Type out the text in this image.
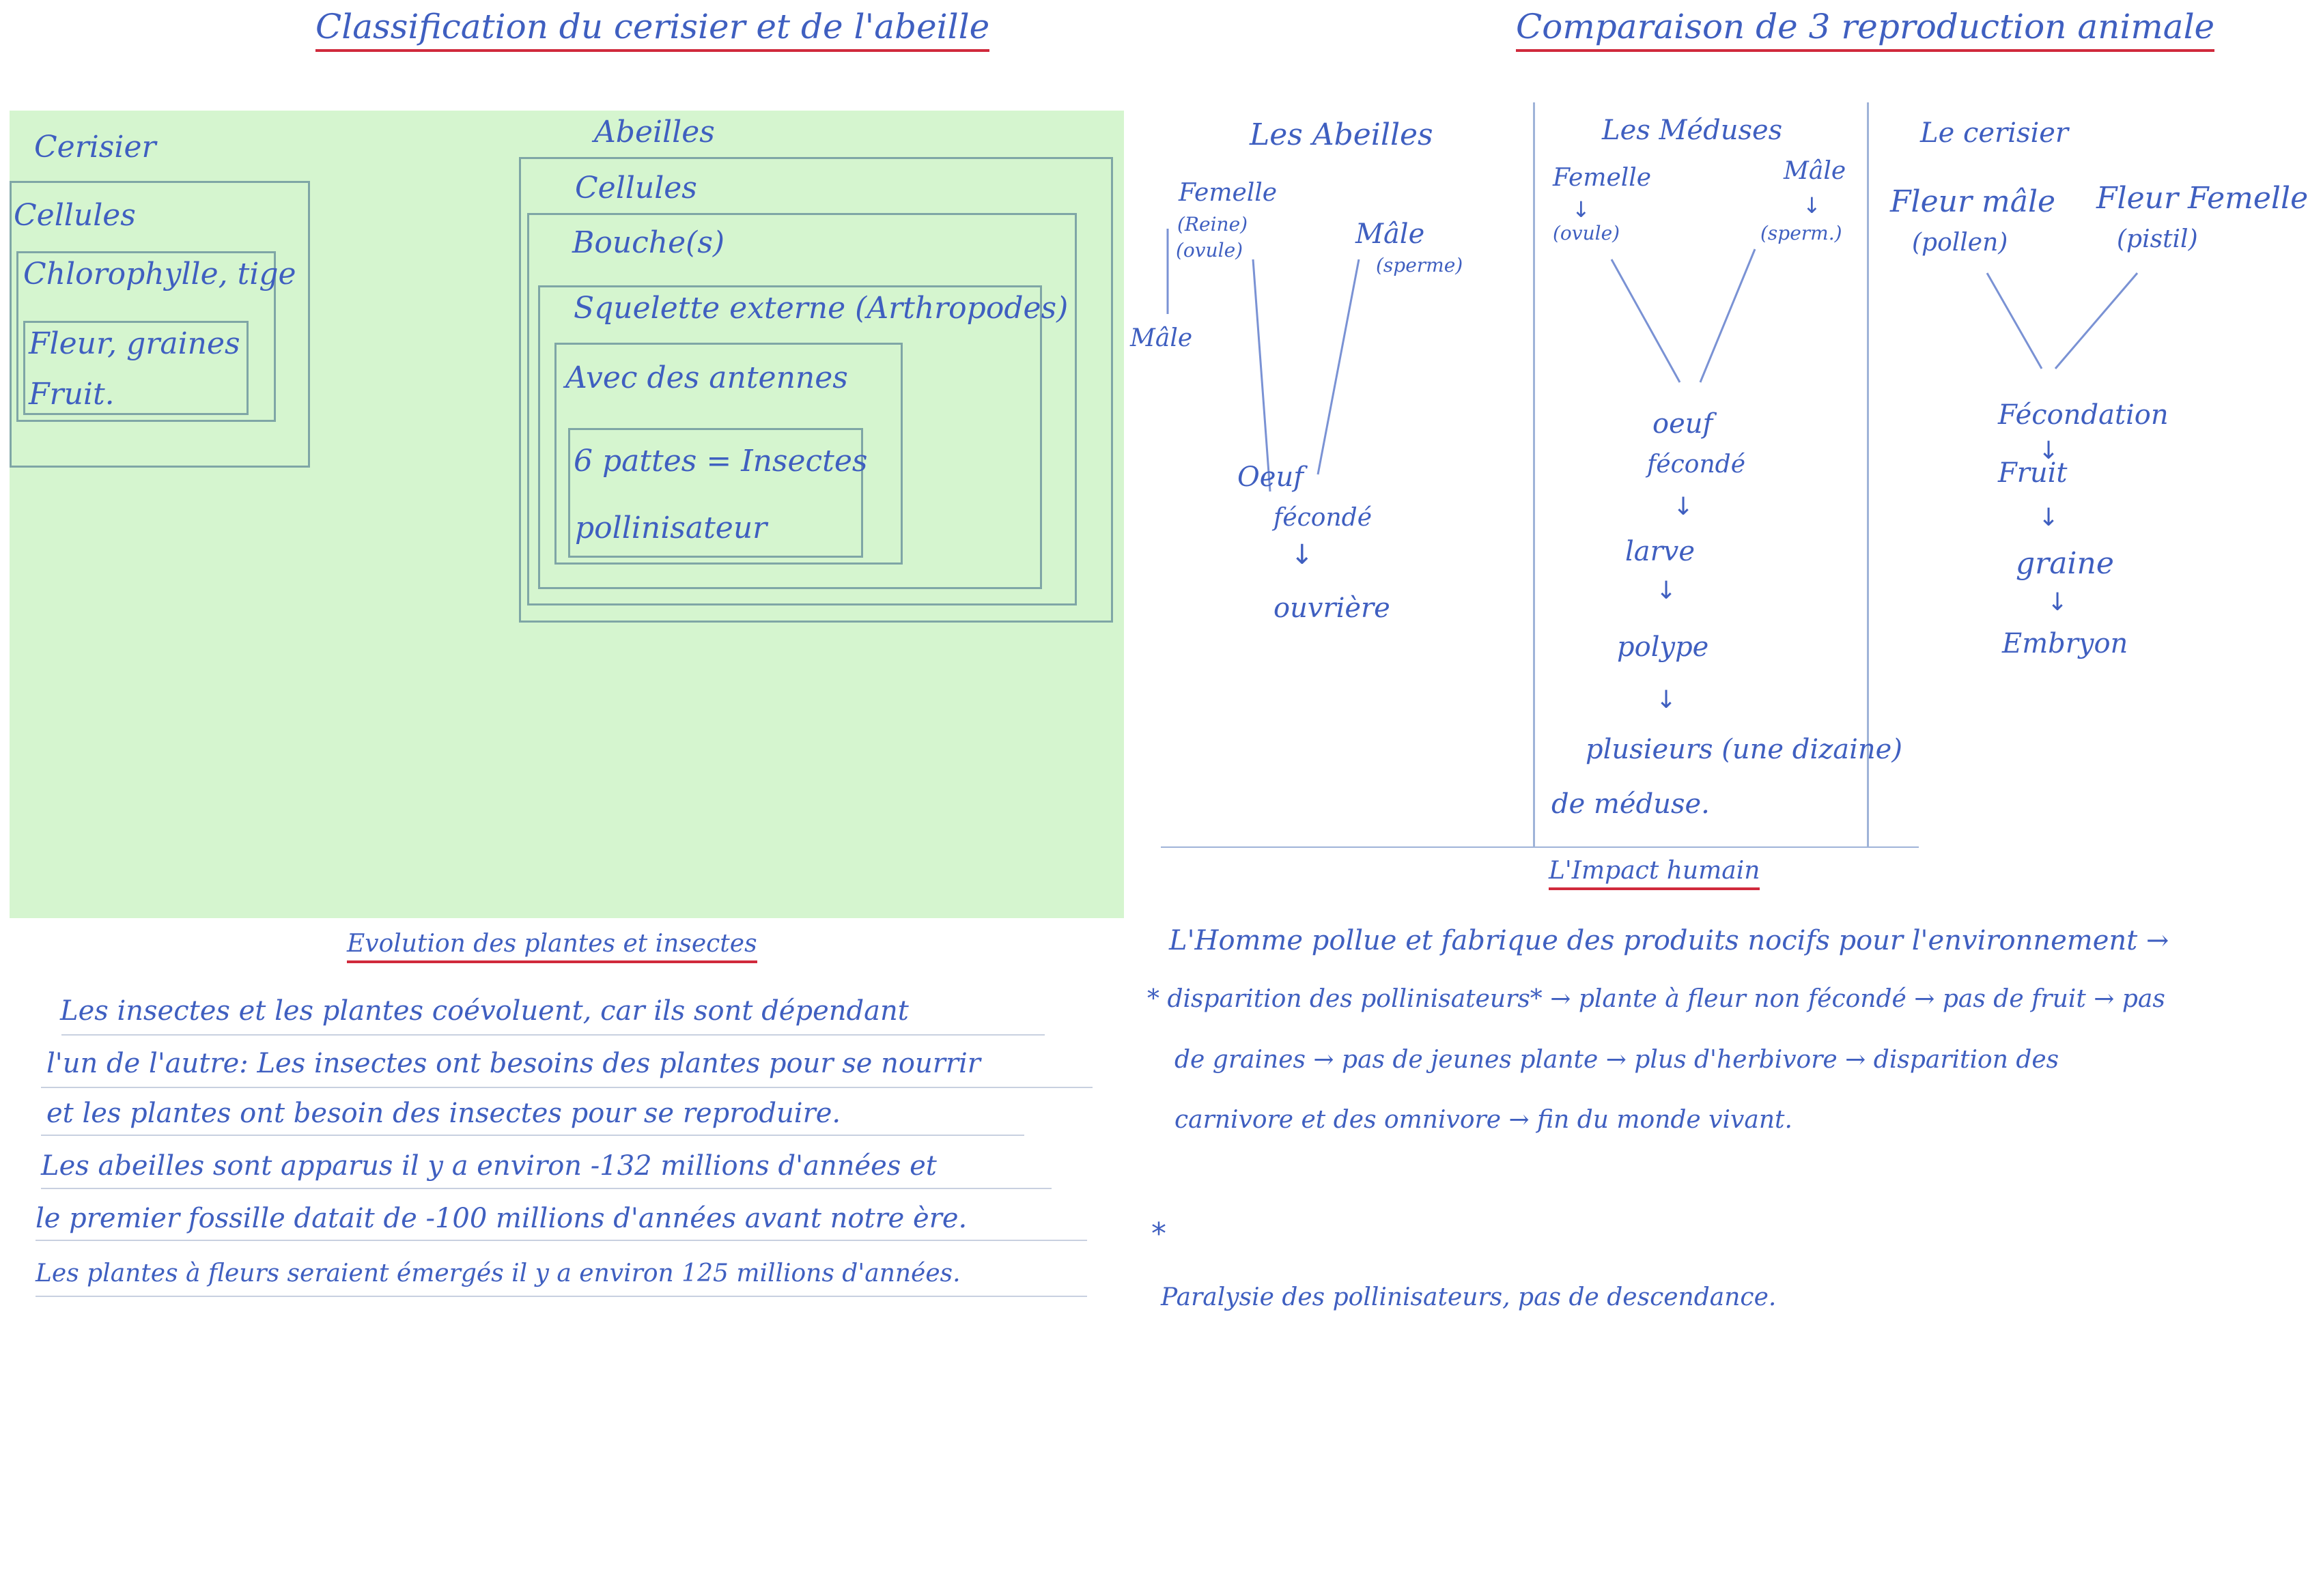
Classification du cerisier et de l'abeille
Cerisier
Cellules
Chlorophylle, tige
Fleur, graines
Fruit.
Abeilles
Cellules
Bouche(s)
Squelette externe (Arthropodes)
Avec des antennes
6 pattes = Insectes
pollinisateur
Comparaison de 3 reproduction animale
Les Abeilles
Femelle
(Reine)
(ovule)
Mâle
Mâle
(sperme)
Oeuf
fécondé
↓
ouvrière
Les Méduses
Femelle
↓
(ovule)
Mâle
↓
(sperm.)
oeuf
fécondé
↓
larve
↓
polype
↓
plusieurs (une dizaine)
de méduse.
Le cerisier
Fleur mâle
(pollen)
Fleur Femelle
(pistil)
Fécondation
↓
Fruit
↓
graine
↓
Embryon
Evolution des plantes et insectes
Les insectes et les plantes coévoluent, car ils sont dépendant
l'un de l'autre: Les insectes ont besoins des plantes pour se nourrir
et les plantes ont besoin des insectes pour se reproduire.
Les abeilles sont apparus il y a environ -132 millions d'années et
le premier fossille datait de -100 millions d'années avant notre ère.
Les plantes à fleurs seraient émergés il y a environ 125 millions d'années.
L'Impact humain
L'Homme pollue et fabrique des produits nocifs pour l'environnement →
* disparition des pollinisateurs* → plante à fleur non fécondé → pas de fruit → pas
de graines → pas de jeunes plante → plus d'herbivore → disparition des
carnivore et des omnivore → fin du monde vivant.
*
Paralysie des pollinisateurs, pas de descendance.
